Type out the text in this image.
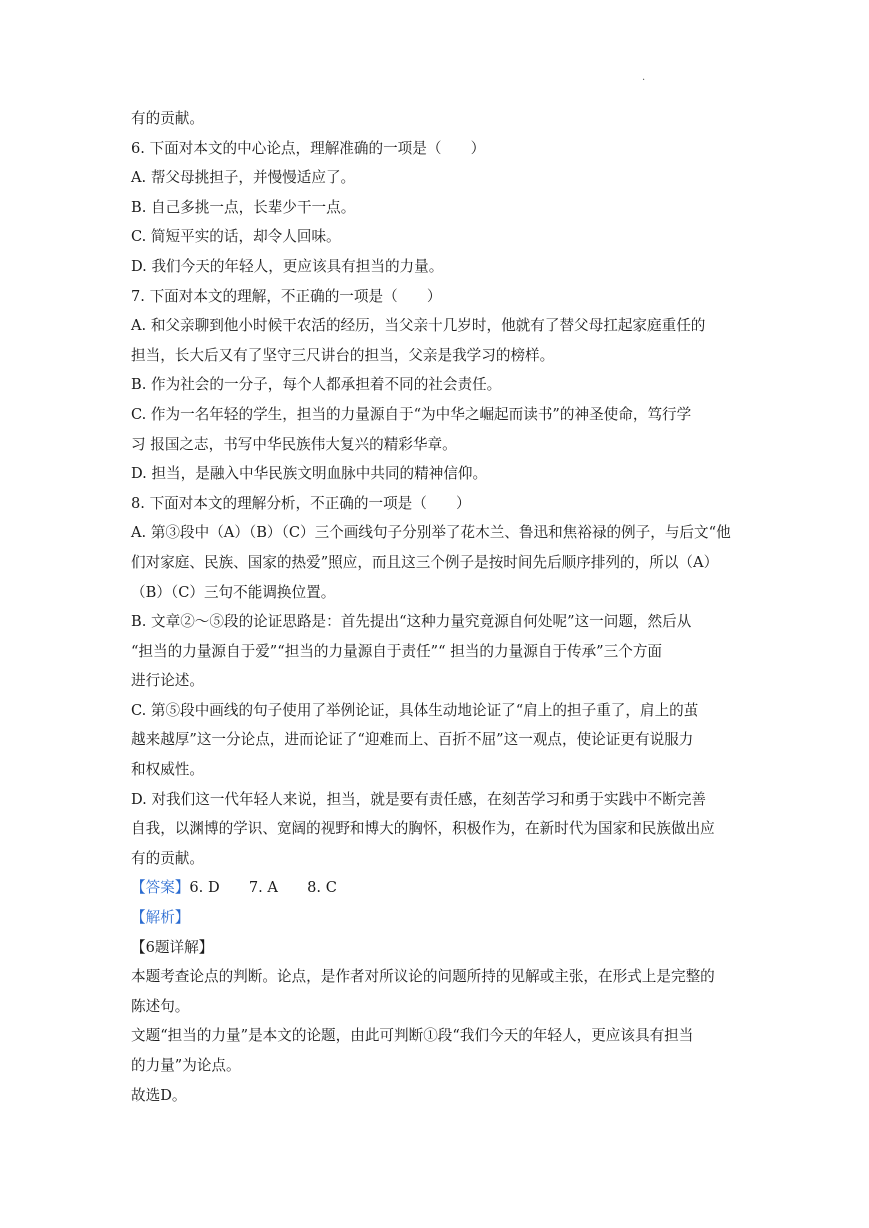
.
有的贡献。
6. 下面对本文的中心论点，理解准确的一项是（　　）
A. 帮父母挑担子，并慢慢适应了。
B. 自己多挑一点，长辈少干一点。
C. 简短平实的话，却令人回味。
D. 我们今天的年轻人，更应该具有担当的力量。
7. 下面对本文的理解，不正确的一项是（　　）
A. 和父亲聊到他小时候干农活的经历，当父亲十几岁时，他就有了替父母扛起家庭重任的
担当，长大后又有了坚守三尺讲台的担当，父亲是我学习的榜样。
B. 作为社会的一分子，每个人都承担着不同的社会责任。
C. 作为一名年轻的学生，担当的力量源自于“为中华之崛起而读书”的神圣使命，笃行学
习 报国之志，书写中华民族伟大复兴的精彩华章。
D. 担当，是融入中华民族文明血脉中共同的精神信仰。
8. 下面对本文的理解分析，不正确的一项是（　　）
A. 第③段中（A）（B）（C）三个画线句子分别举了花木兰、鲁迅和焦裕禄的例子，与后文“他
们对家庭、民族、国家的热爱”照应，而且这三个例子是按时间先后顺序排列的，所以（A）
（B）（C）三句不能调换位置。
B. 文章②～⑤段的论证思路是：首先提出“这种力量究竟源自何处呢”这一问题，然后从
“担当的力量源自于爱”“担当的力量源自于责任”“ 担当的力量源自于传承”三个方面
进行论述。
C. 第⑤段中画线的句子使用了举例论证，具体生动地论证了“肩上的担子重了，肩上的茧
越来越厚”这一分论点，进而论证了“迎难而上、百折不屈”这一观点，使论证更有说服力
和权威性。
D. 对我们这一代年轻人来说，担当，就是要有责任感，在刻苦学习和勇于实践中不断完善
自我，以渊博的学识、宽阔的视野和博大的胸怀，积极作为，在新时代为国家和民族做出应
有的贡献。
【答案】6. D　　7. A　　8. C
【解析】
【6题详解】
本题考查论点的判断。论点，是作者对所议论的问题所持的见解或主张，在形式上是完整的
陈述句。
文题“担当的力量”是本文的论题，由此可判断①段“我们今天的年轻人，更应该具有担当
的力量”为论点。
故选D。
